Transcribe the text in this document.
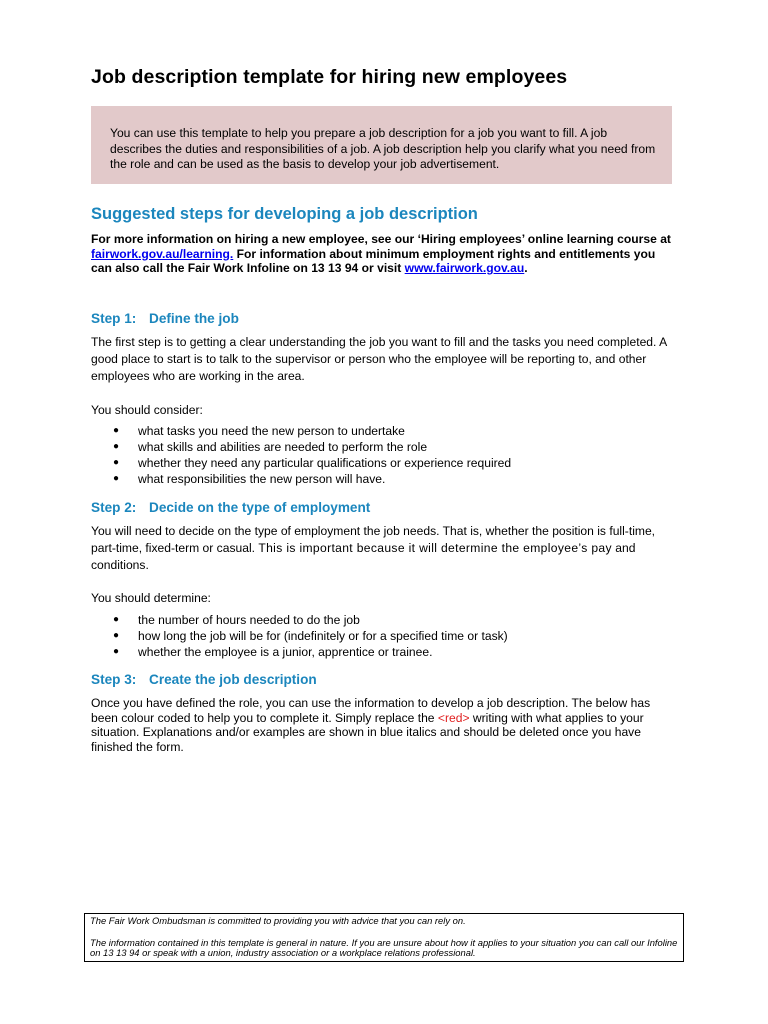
Job description template for hiring new employees
You can use this template to help you prepare a job description for a job you want to fill. A job describes the duties and responsibilities of a job. A job description help you clarify what you need from the role and can be used as the basis to develop your job advertisement.
Suggested steps for developing a job description
For more information on hiring a new employee, see our ‘Hiring employees’ online learning course at fairwork.gov.au/learning. For information about minimum employment rights and entitlements you can also call the Fair Work Infoline on 13 13 94 or visit www.fairwork.gov.au.
Step 1: Define the job
The first step is to getting a clear understanding the job you want to fill and the tasks you need completed. A good place to start is to talk to the supervisor or person who the employee will be reporting to, and other employees who are working in the area.
You should consider:
● what tasks you need the new person to undertake
● what skills and abilities are needed to perform the role
● whether they need any particular qualifications or experience required
● what responsibilities the new person will have.
Step 2: Decide on the type of employment
You will need to decide on the type of employment the job needs. That is, whether the position is full-time, part-time, fixed-term or casual. This is important because it will determine the employee’s pay and conditions.
You should determine:
● the number of hours needed to do the job
● how long the job will be for (indefinitely or for a specified time or task)
● whether the employee is a junior, apprentice or trainee.
Step 3: Create the job description
Once you have defined the role, you can use the information to develop a job description. The below has been colour coded to help you to complete it. Simply replace the <red> writing with what applies to your situation. Explanations and/or examples are shown in blue italics and should be deleted once you have finished the form.

The Fair Work Ombudsman is committed to providing you with advice that you can rely on.

The information contained in this template is general in nature. If you are unsure about how it applies to your situation you can call our Infoline on 13 13 94 or speak with a union, industry association or a workplace relations professional.
